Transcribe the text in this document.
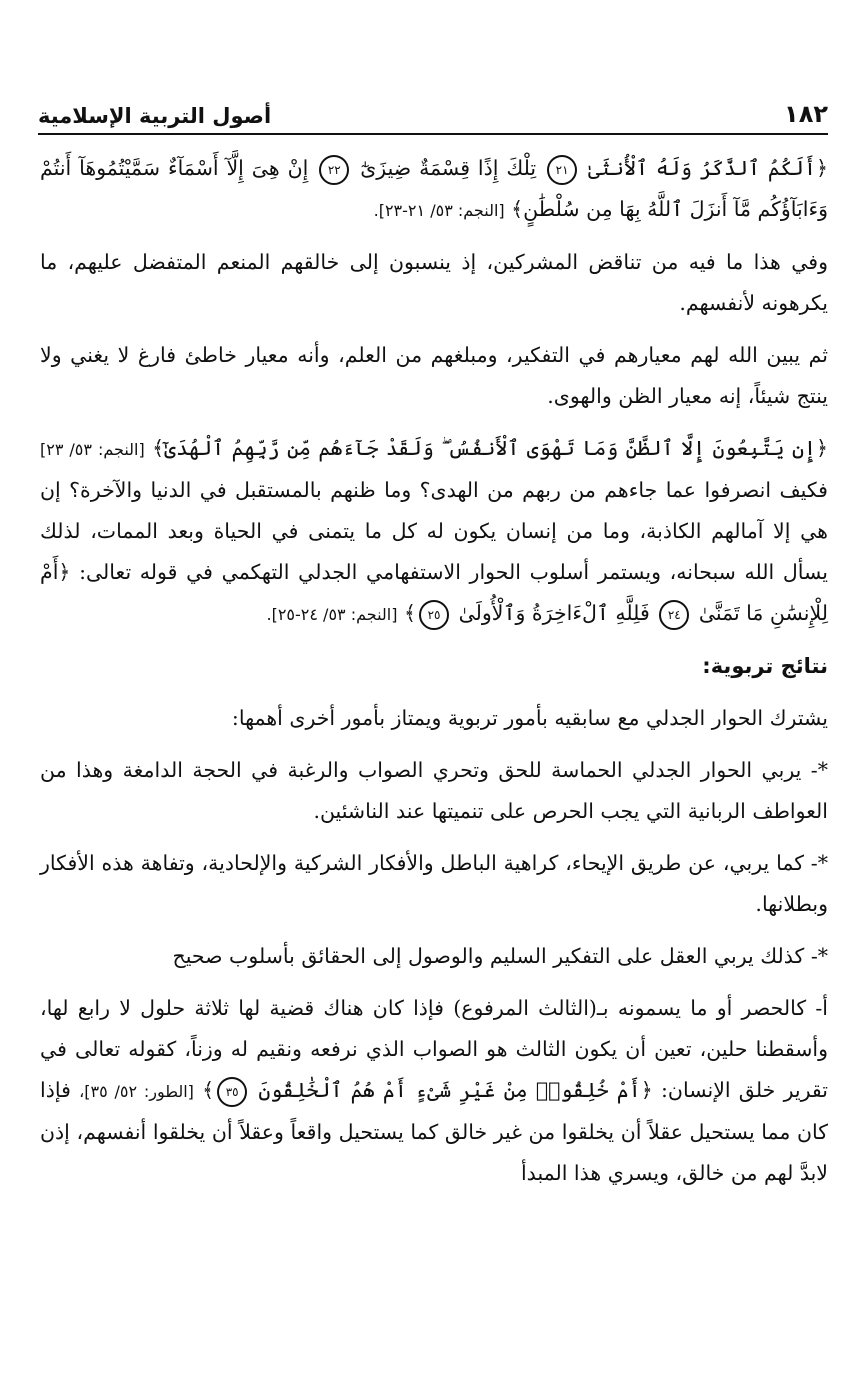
١٨٢
أصول التربية الإسلامية

﴿أَلَكُمُ ٱلذَّكَرُ وَلَهُ ٱلْأُنثَىٰ ٢١ تِلْكَ إِذًا قِسْمَةٌ ضِيزَىٰٓ ٢٢ إِنْ هِىَ إِلَّآ أَسْمَآءٌ سَمَّيْتُمُوهَآ أَنتُمْ وَءَابَآؤُكُم مَّآ أَنزَلَ ٱللَّهُ بِهَا مِن سُلْطَٰنٍ﴾ [النجم: ٥٣/ ٢١-٢٣].

وفي هذا ما فيه من تناقض المشركين، إذ ينسبون إلى خالقهم المنعم المتفضل عليهم، ما يكرهونه لأنفسهم.

ثم يبين الله لهم معيارهم في التفكير، ومبلغهم من العلم، وأنه معيار خاطئ فارغ لا يغني ولا ينتج شيئاً، إنه معيار الظن والهوى.

﴿إِن يَتَّبِعُونَ إِلَّا ٱلظَّنَّ وَمَا تَهْوَى ٱلْأَنفُسُ ۖ وَلَقَدْ جَآءَهُم مِّن رَّبِّهِمُ ٱلْهُدَىٰٓ﴾ [النجم: ٥٣/ ٢٣] فكيف انصرفوا عما جاءهم من ربهم من الهدى؟ وما ظنهم بالمستقبل في الدنيا والآخرة؟ إن هي إلا آمالهم الكاذبة، وما من إنسان يكون له كل ما يتمنى في الحياة وبعد الممات، لذلك يسأل الله سبحانه، ويستمر أسلوب الحوار الاستفهامي الجدلي التهكمي في قوله تعالى: ﴿أَمْ لِلْإِنسَٰنِ مَا تَمَنَّىٰ ٢٤ فَلِلَّهِ ٱلْءَاخِرَةُ وَٱلْأُولَىٰ ٢٥﴾ [النجم: ٥٣/ ٢٤-٢٥].

نتائج تربوية:

يشترك الحوار الجدلي مع سابقيه بأمور تربوية ويمتاز بأمور أخرى أهمها:

*- يربي الحوار الجدلي الحماسة للحق وتحري الصواب والرغبة في الحجة الدامغة وهذا من العواطف الربانية التي يجب الحرص على تنميتها عند الناشئين.

*- كما يربي، عن طريق الإيحاء، كراهية الباطل والأفكار الشركية والإلحادية، وتفاهة هذه الأفكار وبطلانها.

*- كذلك يربي العقل على التفكير السليم والوصول إلى الحقائق بأسلوب صحيح

أ- كالحصر أو ما يسمونه بـ(الثالث المرفوع) فإذا كان هناك قضية لها ثلاثة حلول لا رابع لها، وأسقطنا حلين، تعين أن يكون الثالث هو الصواب الذي نرفعه ونقيم له وزناً، كقوله تعالى في تقرير خلق الإنسان: ﴿أَمْ خُلِقُوا۟ مِنْ غَيْرِ شَىْءٍ أَمْ هُمُ ٱلْخَٰلِقُونَ ٣٥﴾ [الطور: ٥٢/ ٣٥]، فإذا كان مما يستحيل عقلاً أن يخلقوا من غير خالق كما يستحيل واقعاً وعقلاً أن يخلقوا أنفسهم، إذن لابدَّ لهم من خالق، ويسري هذا المبدأ
